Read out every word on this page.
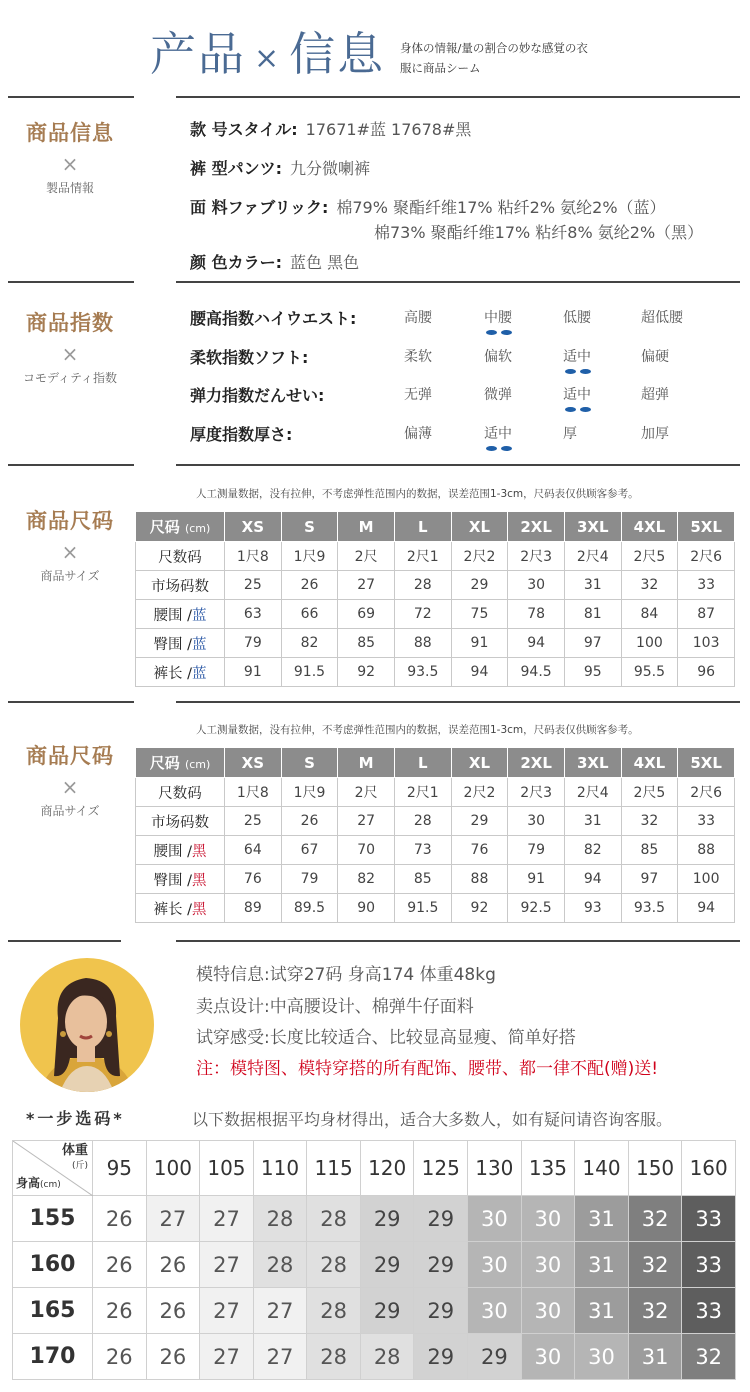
产品 × 信息 身体の情報/量の割合の妙な感覚の衣
服に商品シーム
商品信息
×
製品情報
款 号スタイル: 17671#蓝 17678#黑
裤 型パンツ: 九分微喇裤
面 料ファブリック: 棉79% 聚酯纤维17% 粘纤2% 氨纶2%（蓝）
棉73% 聚酯纤维17% 粘纤8% 氨纶2%（黑）
颜 色カラー: 蓝色 黑色
商品指数
×
コモディティ指数
腰高指数ハイウエスト:	高腰	中腰	低腰	超低腰
柔软指数ソフト:	柔软	偏软	适中	偏硬
弹力指数だんせい:	无弹	微弹	适中	超弹
厚度指数厚さ:	偏薄	适中	厚	加厚
人工测量数据，没有拉伸，不考虑弹性范围内的数据，误差范围1-3cm，尺码表仅供顾客参考。
商品尺码
×
商品サイズ
尺码 (cm)	XS	S	M	L	XL	2XL	3XL	4XL	5XL
尺数码	1尺8	1尺9	2尺	2尺1	2尺2	2尺3	2尺4	2尺5	2尺6
市场码数	25	26	27	28	29	30	31	32	33
腰围 /蓝	63	66	69	72	75	78	81	84	87
臀围 /蓝	79	82	85	88	91	94	97	100	103
裤长 /蓝	91	91.5	92	93.5	94	94.5	95	95.5	96
人工测量数据，没有拉伸，不考虑弹性范围内的数据，误差范围1-3cm，尺码表仅供顾客参考。
商品尺码
×
商品サイズ
尺码 (cm)	XS	S	M	L	XL	2XL	3XL	4XL	5XL
尺数码	1尺8	1尺9	2尺	2尺1	2尺2	2尺3	2尺4	2尺5	2尺6
市场码数	25	26	27	28	29	30	31	32	33
腰围 /黑	64	67	70	73	76	79	82	85	88
臀围 /黑	76	79	82	85	88	91	94	97	100
裤长 /黑	89	89.5	90	91.5	92	92.5	93	93.5	94
模特信息:试穿27码 身高174 体重48kg
卖点设计:中高腰设计、棉弹牛仔面料
试穿感受:长度比较适合、比较显高显瘦、简单好搭
注：模特图、模特穿搭的所有配饰、腰带、都一律不配(赠)送!
*一步选码*	以下数据根据平均身材得出，适合大多数人，如有疑问请咨询客服。
体重
(斤)
身高(cm)	95	100	105	110	115	120	125	130	135	140	150	160
155	26	27	27	28	28	29	29	30	30	31	32	33
160	26	26	27	28	28	29	29	30	30	31	32	33
165	26	26	27	27	28	29	29	30	30	31	32	33
170	26	26	27	27	28	28	29	29	30	30	31	32
